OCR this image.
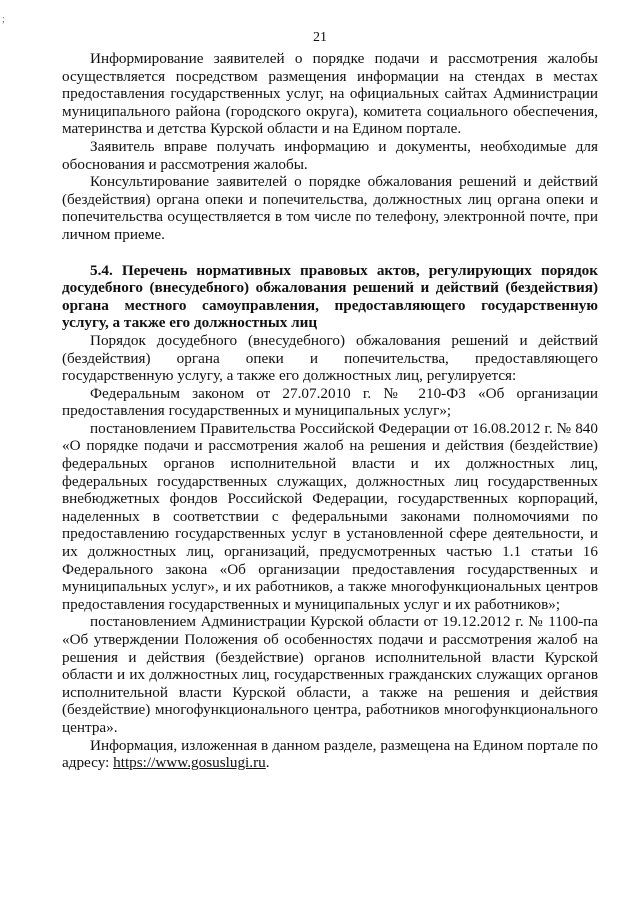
;
21

Информирование заявителей о порядке подачи и рассмотрения жалобы осуществляется посредством размещения информации на стендах в местах предоставления государственных услуг, на официальных сайтах Администрации муниципального района (городского округа), комитета социального обеспечения, материнства и детства Курской области и на Едином портале.

Заявитель вправе получать информацию и документы, необходимые для обоснования и рассмотрения жалобы.

Консультирование заявителей о порядке обжалования решений и действий (бездействия) органа опеки и попечительства, должностных лиц органа опеки и попечительства осуществляется в том числе по телефону, электронной почте, при личном приеме.

5.4. Перечень нормативных правовых актов, регулирующих порядок досудебного (внесудебного) обжалования решений и действий (бездействия) органа местного самоуправления, предоставляющего государственную услугу, а также его должностных лиц

Порядок досудебного (внесудебного) обжалования решений и действий (бездействия) органа опеки и попечительства, предоставляющего государственную услугу, а также его должностных лиц, регулируется:

Федеральным законом от 27.07.2010 г. № 210-ФЗ «Об организации предоставления государственных и муниципальных услуг»;

постановлением Правительства Российской Федерации от 16.08.2012 г. № 840 «О порядке подачи и рассмотрения жалоб на решения и действия (бездействие) федеральных органов исполнительной власти и их должностных лиц, федеральных государственных служащих, должностных лиц государственных внебюджетных фондов Российской Федерации, государственных корпораций, наделенных в соответствии с федеральными законами полномочиями по предоставлению государственных услуг в установленной сфере деятельности, и их должностных лиц, организаций, предусмотренных частью 1.1 статьи 16 Федерального закона «Об организации предоставления государственных и муниципальных услуг», и их работников, а также многофункциональных центров предоставления государственных и муниципальных услуг и их работников»;

постановлением Администрации Курской области от 19.12.2012 г. № 1100-па «Об утверждении Положения об особенностях подачи и рассмотрения жалоб на решения и действия (бездействие) органов исполнительной власти Курской области и их должностных лиц, государственных гражданских служащих органов исполнительной власти Курской области, а также на решения и действия (бездействие) многофункционального центра, работников многофункционального центра».

Информация, изложенная в данном разделе, размещена на Едином портале по адресу: https://www.gosuslugi.ru.
